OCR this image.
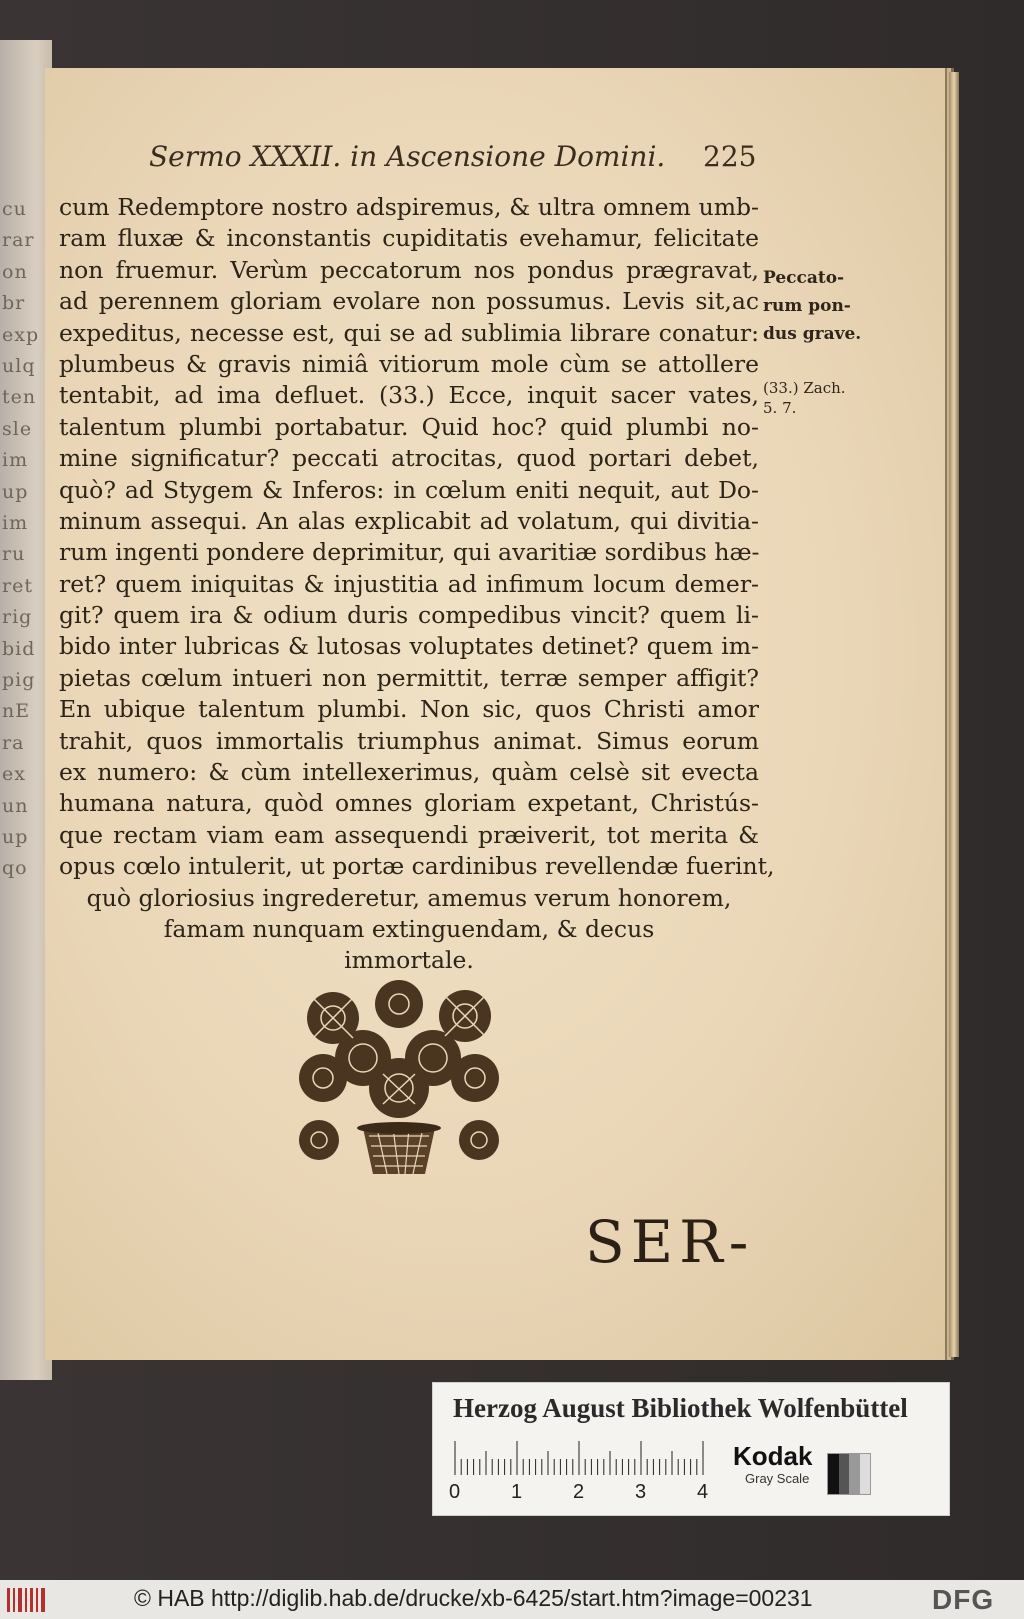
cu
rar
on
br
exp
ulq
ten
sle
im
up
im
ru
ret
rig
bid
pig
nE
ra
ex
un
up
qo
Sermo XXXII. in Ascensione Domini.	225
cum Redemptore nostro adspiremus, & ultra omnem umb-
ram fluxæ & inconstantis cupiditatis evehamur, felicitate
non fruemur. Verùm peccatorum nos pondus prægravat,
ad perennem gloriam evolare non possumus. Levis sit,ac
expeditus, necesse est, qui se ad sublimia librare conatur:
plumbeus & gravis nimiâ vitiorum mole cùm se attollere
tentabit, ad ima defluet. (33.) Ecce, inquit sacer vates,
talentum plumbi portabatur. Quid hoc? quid plumbi no-
mine significatur? peccati atrocitas, quod portari debet,
quò? ad Stygem & Inferos: in cœlum eniti nequit, aut Do-
minum assequi. An alas explicabit ad volatum, qui divitia-
rum ingenti pondere deprimitur, qui avaritiæ sordibus hæ-
ret? quem iniquitas & injustitia ad infimum locum demer-
git? quem ira & odium duris compedibus vincit? quem li-
bido inter lubricas & lutosas voluptates detinet? quem im-
pietas cœlum intueri non permittit, terræ semper affigit?
En ubique talentum plumbi. Non sic, quos Christi amor
trahit, quos immortalis triumphus animat. Simus eorum
ex numero: & cùm intellexerimus, quàm celsè sit evecta
humana natura, quòd omnes gloriam expetant, Christús-
que rectam viam eam assequendi præiverit, tot merita &
opus cœlo intulerit, ut portæ cardinibus revellendæ fuerint,
quò gloriosius ingrederetur, amemus verum honorem,
famam nunquam extinguendam, & decus
immortale.
Peccato-
rum pon-
dus grave.
(33.) Zach.
5. 7.
SER-
Herzog August Bibliothek Wolfenbüttel
0	1	2	3	4
Kodak
Gray Scale
© HAB http://diglib.hab.de/drucke/xb-6425/start.htm?image=00231	DFG
